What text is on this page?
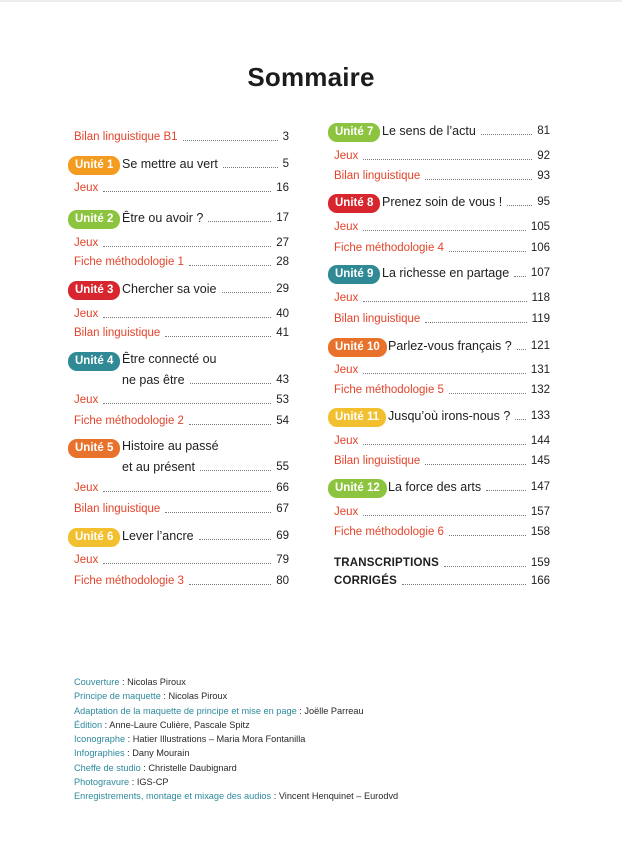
Sommaire
Bilan linguistique B1	3
Unité 1 Se mettre au vert	5
Jeux	16
Unité 2 Être ou avoir ?	17
Jeux	27
Fiche méthodologie 1	28
Unité 3 Chercher sa voie	29
Jeux	40
Bilan linguistique	41
Unité 4 Être connecté ou
ne pas être	43
Jeux	53
Fiche méthodologie 2	54
Unité 5 Histoire au passé
et au présent	55
Jeux	66
Bilan linguistique	67
Unité 6 Lever l’ancre	69
Jeux	79
Fiche méthodologie 3	80
Unité 7 Le sens de l’actu	81
Jeux	92
Bilan linguistique	93
Unité 8 Prenez soin de vous !	95
Jeux	105
Fiche méthodologie 4	106
Unité 9 La richesse en partage 107
Jeux	118
Bilan linguistique	119
Unité 10 Parlez-vous français ? 121
Jeux	131
Fiche méthodologie 5	132
Unité 11 Jusqu’où irons-nous ? 133
Jeux	144
Bilan linguistique	145
Unité 12 La force des arts	147
Jeux	157
Fiche méthodologie 6	158
TRANSCRIPTIONS	159
CORRIGÉS	166
Couverture : Nicolas Piroux
Principe de maquette : Nicolas Piroux
Adaptation de la maquette de principe et mise en page : Joëlle Parreau
Édition : Anne-Laure Culière, Pascale Spitz
Iconographe : Hatier Illustrations – Maria Mora Fontanilla
Infographies : Dany Mourain
Cheffe de studio : Christelle Daubignard
Photogravure : IGS-CP
Enregistrements, montage et mixage des audios : Vincent Henquinet – Eurodvd
